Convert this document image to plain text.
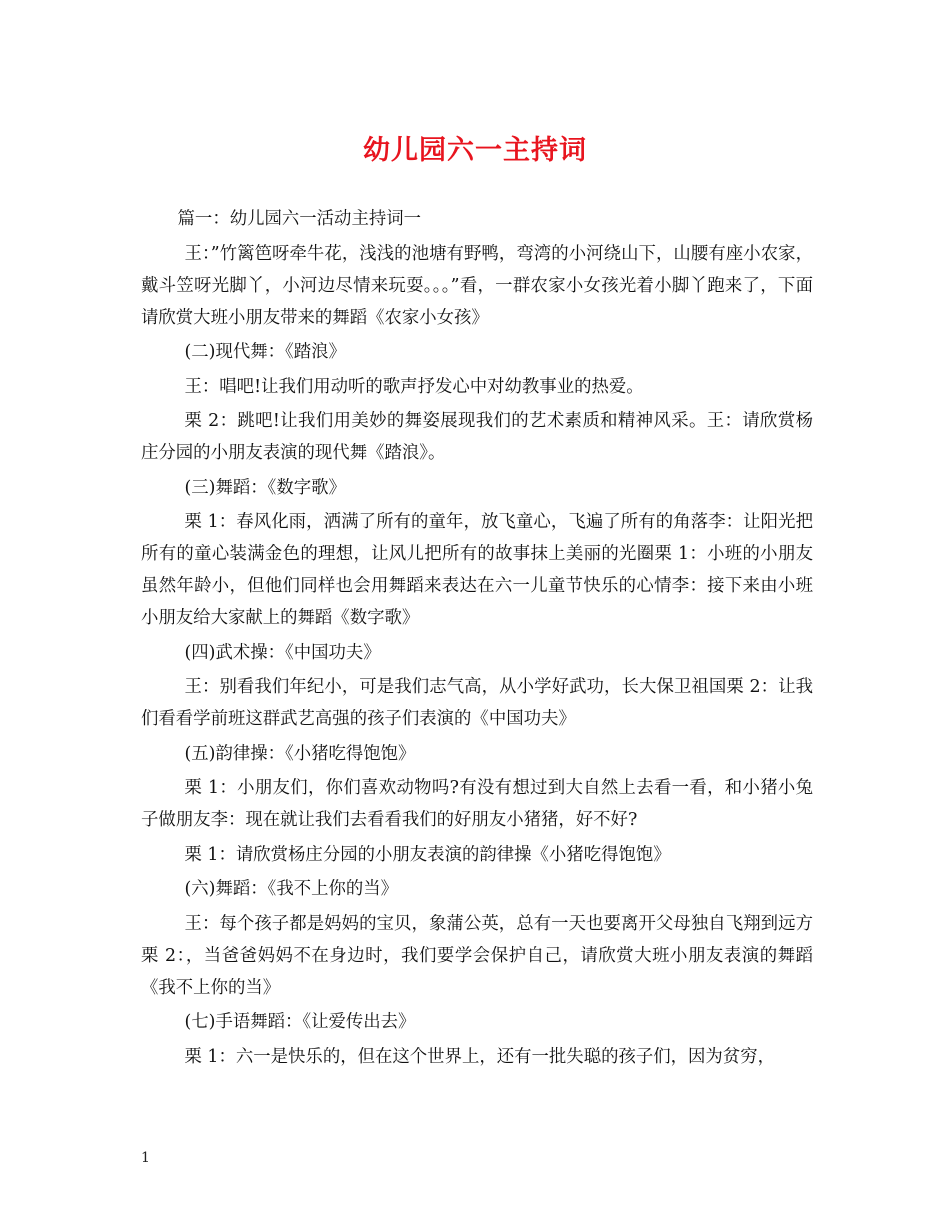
幼儿园六一主持词

篇一：幼儿园六一活动主持词一

王：”竹篱笆呀牵牛花，浅浅的池塘有野鸭，弯湾的小河绕山下，山腰有座小农家，戴斗笠呀光脚丫，小河边尽情来玩耍。。。”看，一群农家小女孩光着小脚丫跑来了，下面请欣赏大班小朋友带来的舞蹈《农家小女孩》

(二)现代舞：《踏浪》

王：唱吧!让我们用动听的歌声抒发心中对幼教事业的热爱。

栗 2：跳吧!让我们用美妙的舞姿展现我们的艺术素质和精神风采。王：请欣赏杨庄分园的小朋友表演的现代舞《踏浪》。

(三)舞蹈：《数字歌》

栗 1：春风化雨，洒满了所有的童年，放飞童心，飞遍了所有的角落李：让阳光把所有的童心装满金色的理想，让风儿把所有的故事抹上美丽的光圈栗 1：小班的小朋友虽然年龄小，但他们同样也会用舞蹈来表达在六一儿童节快乐的心情李：接下来由小班小朋友给大家献上的舞蹈《数字歌》

(四)武术操：《中国功夫》

王：别看我们年纪小，可是我们志气高，从小学好武功，长大保卫祖国栗 2：让我们看看学前班这群武艺高强的孩子们表演的《中国功夫》

(五)韵律操：《小猪吃得饱饱》

栗 1：小朋友们，你们喜欢动物吗?有没有想过到大自然上去看一看，和小猪小兔子做朋友李：现在就让我们去看看我们的好朋友小猪猪，好不好?

栗 1：请欣赏杨庄分园的小朋友表演的韵律操《小猪吃得饱饱》

(六)舞蹈：《我不上你的当》

王：每个孩子都是妈妈的宝贝，象蒲公英，总有一天也要离开父母独自飞翔到远方栗 2：，当爸爸妈妈不在身边时，我们要学会保护自己，请欣赏大班小朋友表演的舞蹈《我不上你的当》

(七)手语舞蹈：《让爱传出去》

栗 1：六一是快乐的，但在这个世界上，还有一批失聪的孩子们，因为贫穷，

1
